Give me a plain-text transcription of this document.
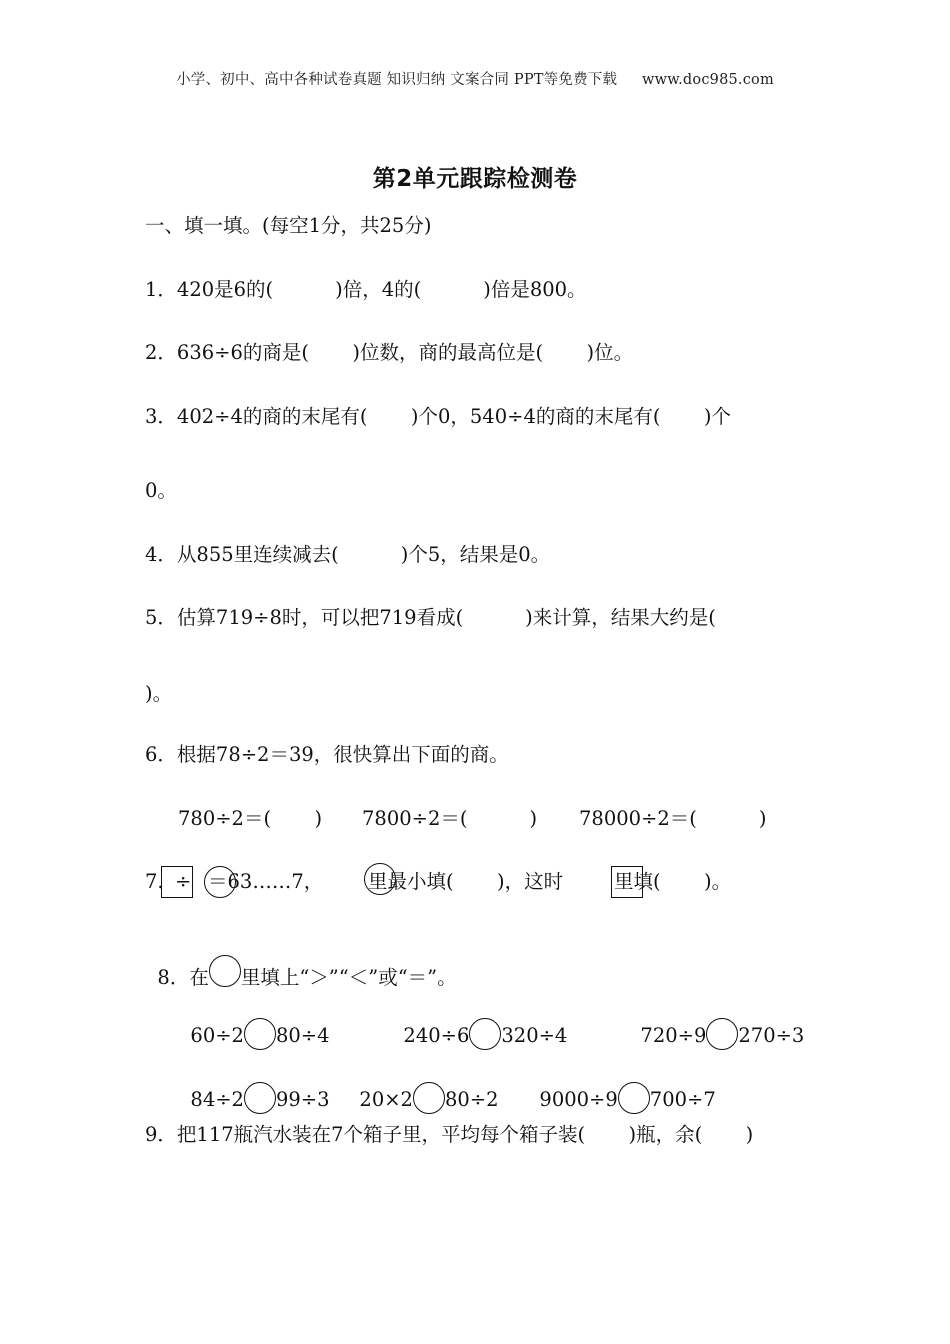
小学、初中、高中各种试卷真题 知识归纳 文案合同 PPT等免费下载 www.doc985.com
第2单元跟踪检测卷
一、填一填。(每空1分，共25分)
1．420是6的(          )倍，4的(          )倍是800。
2．636÷6的商是(       )位数，商的最高位是(       )位。
3．402÷4的商的末尾有(       )个0，540÷4的商的末尾有(       )个
0。
4．从855里连续减去(          )个5，结果是0。
5．估算719÷8时，可以把719看成(          )来计算，结果大约是(
)。
6．根据78÷2＝39，很快算出下面的商。
780÷2＝(       ) 7800÷2＝(          ) 78000÷2＝(          )
7. ÷ ＝63……7， 里最小填(       )，这时	里填(       )。

8．在 里填上“＞”“＜”或“＝”。

60÷2 80÷4	240÷6 320÷4	720÷9 270÷3

84÷2 99÷3	20×2 80÷2	9000÷9 700÷7

9．把117瓶汽水装在7个箱子里，平均每个箱子装(       )瓶，余(       )
